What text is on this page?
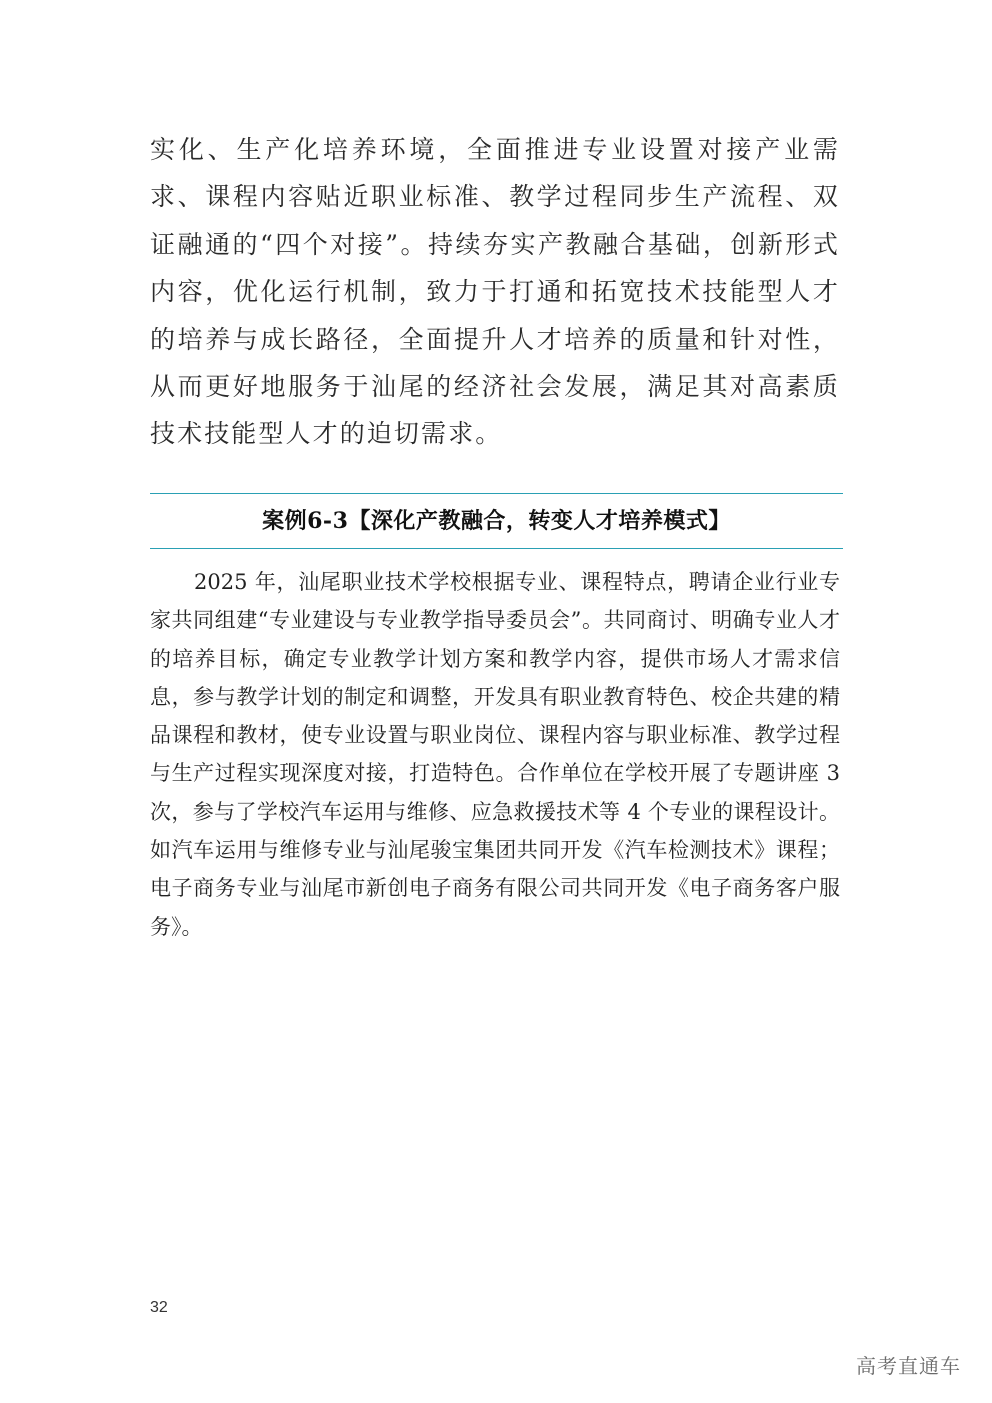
实化、生产化培养环境，全面推进专业设置对接产业需求、课程内容贴近职业标准、教学过程同步生产流程、双证融通的“四个对接”。持续夯实产教融合基础，创新形式内容，优化运行机制，致力于打通和拓宽技术技能型人才的培养与成长路径，全面提升人才培养的质量和针对性，从而更好地服务于汕尾的经济社会发展，满足其对高素质技术技能型人才的迫切需求。

案例6-3【深化产教融合，转变人才培养模式】

2025 年，汕尾职业技术学校根据专业、课程特点，聘请企业行业专家共同组建“专业建设与专业教学指导委员会”。共同商讨、明确专业人才的培养目标，确定专业教学计划方案和教学内容，提供市场人才需求信息，参与教学计划的制定和调整，开发具有职业教育特色、校企共建的精品课程和教材，使专业设置与职业岗位、课程内容与职业标准、教学过程与生产过程实现深度对接，打造特色。合作单位在学校开展了专题讲座 3 次，参与了学校汽车运用与维修、应急救援技术等 4 个专业的课程设计。如汽车运用与维修专业与汕尾骏宝集团共同开发《汽车检测技术》课程；电子商务专业与汕尾市新创电子商务有限公司共同开发《电子商务客户服务》。

32
高考直通车
